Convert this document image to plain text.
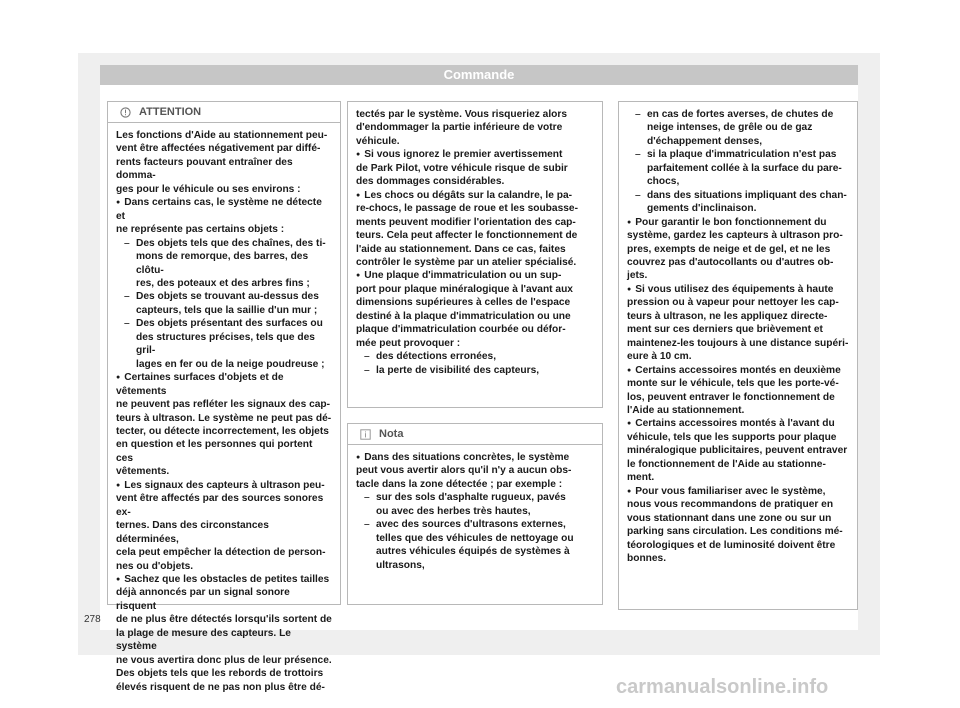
Commande
ATTENTION

Les fonctions d'Aide au stationnement peu-

vent être affectées négativement par diffé-

rents facteurs pouvant entraîner des domma-

ges pour le véhicule ou ses environs :

● Dans certains cas, le système ne détecte et

ne représente pas certains objets :

– Des objets tels que des chaînes, des ti-

mons de remorque, des barres, des clôtu-

res, des poteaux et des arbres fins ;

– Des objets se trouvant au-dessus des

capteurs, tels que la saillie d'un mur ;

– Des objets présentant des surfaces ou

des structures précises, tels que des gril-

lages en fer ou de la neige poudreuse ;

● Certaines surfaces d'objets et de vêtements

ne peuvent pas refléter les signaux des cap-

teurs à ultrason. Le système ne peut pas dé-

tecter, ou détecte incorrectement, les objets

en question et les personnes qui portent ces

vêtements.

● Les signaux des capteurs à ultrason peu-

vent être affectés par des sources sonores ex-

ternes. Dans des circonstances déterminées,

cela peut empêcher la détection de person-

nes ou d'objets.

● Sachez que les obstacles de petites tailles

déjà annoncés par un signal sonore risquent

de ne plus être détectés lorsqu'ils sortent de

la plage de mesure des capteurs. Le système

ne vous avertira donc plus de leur présence.

Des objets tels que les rebords de trottoirs

élevés risquent de ne pas non plus être dé-

tectés par le système. Vous risqueriez alors

d'endommager la partie inférieure de votre

véhicule.

● Si vous ignorez le premier avertissement

de Park Pilot, votre véhicule risque de subir

des dommages considérables.

● Les chocs ou dégâts sur la calandre, le pa-

re-chocs, le passage de roue et les soubasse-

ments peuvent modifier l'orientation des cap-

teurs. Cela peut affecter le fonctionnement de

l'aide au stationnement. Dans ce cas, faites

contrôler le système par un atelier spécialisé.

● Une plaque d'immatriculation ou un sup-

port pour plaque minéralogique à l'avant aux

dimensions supérieures à celles de l'espace

destiné à la plaque d'immatriculation ou une

plaque d'immatriculation courbée ou défor-

mée peut provoquer :

– des détections erronées,

– la perte de visibilité des capteurs,

Nota

● Dans des situations concrètes, le système

peut vous avertir alors qu'il n'y a aucun obs-

tacle dans la zone détectée ; par exemple :

– sur des sols d'asphalte rugueux, pavés

ou avec des herbes très hautes,

– avec des sources d'ultrasons externes,

telles que des véhicules de nettoyage ou

autres véhicules équipés de systèmes à

ultrasons,

– en cas de fortes averses, de chutes de

neige intenses, de grêle ou de gaz

d'échappement denses,

– si la plaque d'immatriculation n'est pas

parfaitement collée à la surface du pare-

chocs,

– dans des situations impliquant des chan-

gements d'inclinaison.

● Pour garantir le bon fonctionnement du

système, gardez les capteurs à ultrason pro-

pres, exempts de neige et de gel, et ne les

couvrez pas d'autocollants ou d'autres ob-

jets.

● Si vous utilisez des équipements à haute

pression ou à vapeur pour nettoyer les cap-

teurs à ultrason, ne les appliquez directe-

ment sur ces derniers que brièvement et

maintenez-les toujours à une distance supéri-

eure à 10 cm.

● Certains accessoires montés en deuxième

monte sur le véhicule, tels que les porte-vé-

los, peuvent entraver le fonctionnement de

l'Aide au stationnement.

● Certains accessoires montés à l'avant du

véhicule, tels que les supports pour plaque

minéralogique publicitaires, peuvent entraver

le fonctionnement de l'Aide au stationne-

ment.

● Pour vous familiariser avec le système,

nous vous recommandons de pratiquer en

vous stationnant dans une zone ou sur un

parking sans circulation. Les conditions mé-

téorologiques et de luminosité doivent être

bonnes.

278
carmanualsonline.info
